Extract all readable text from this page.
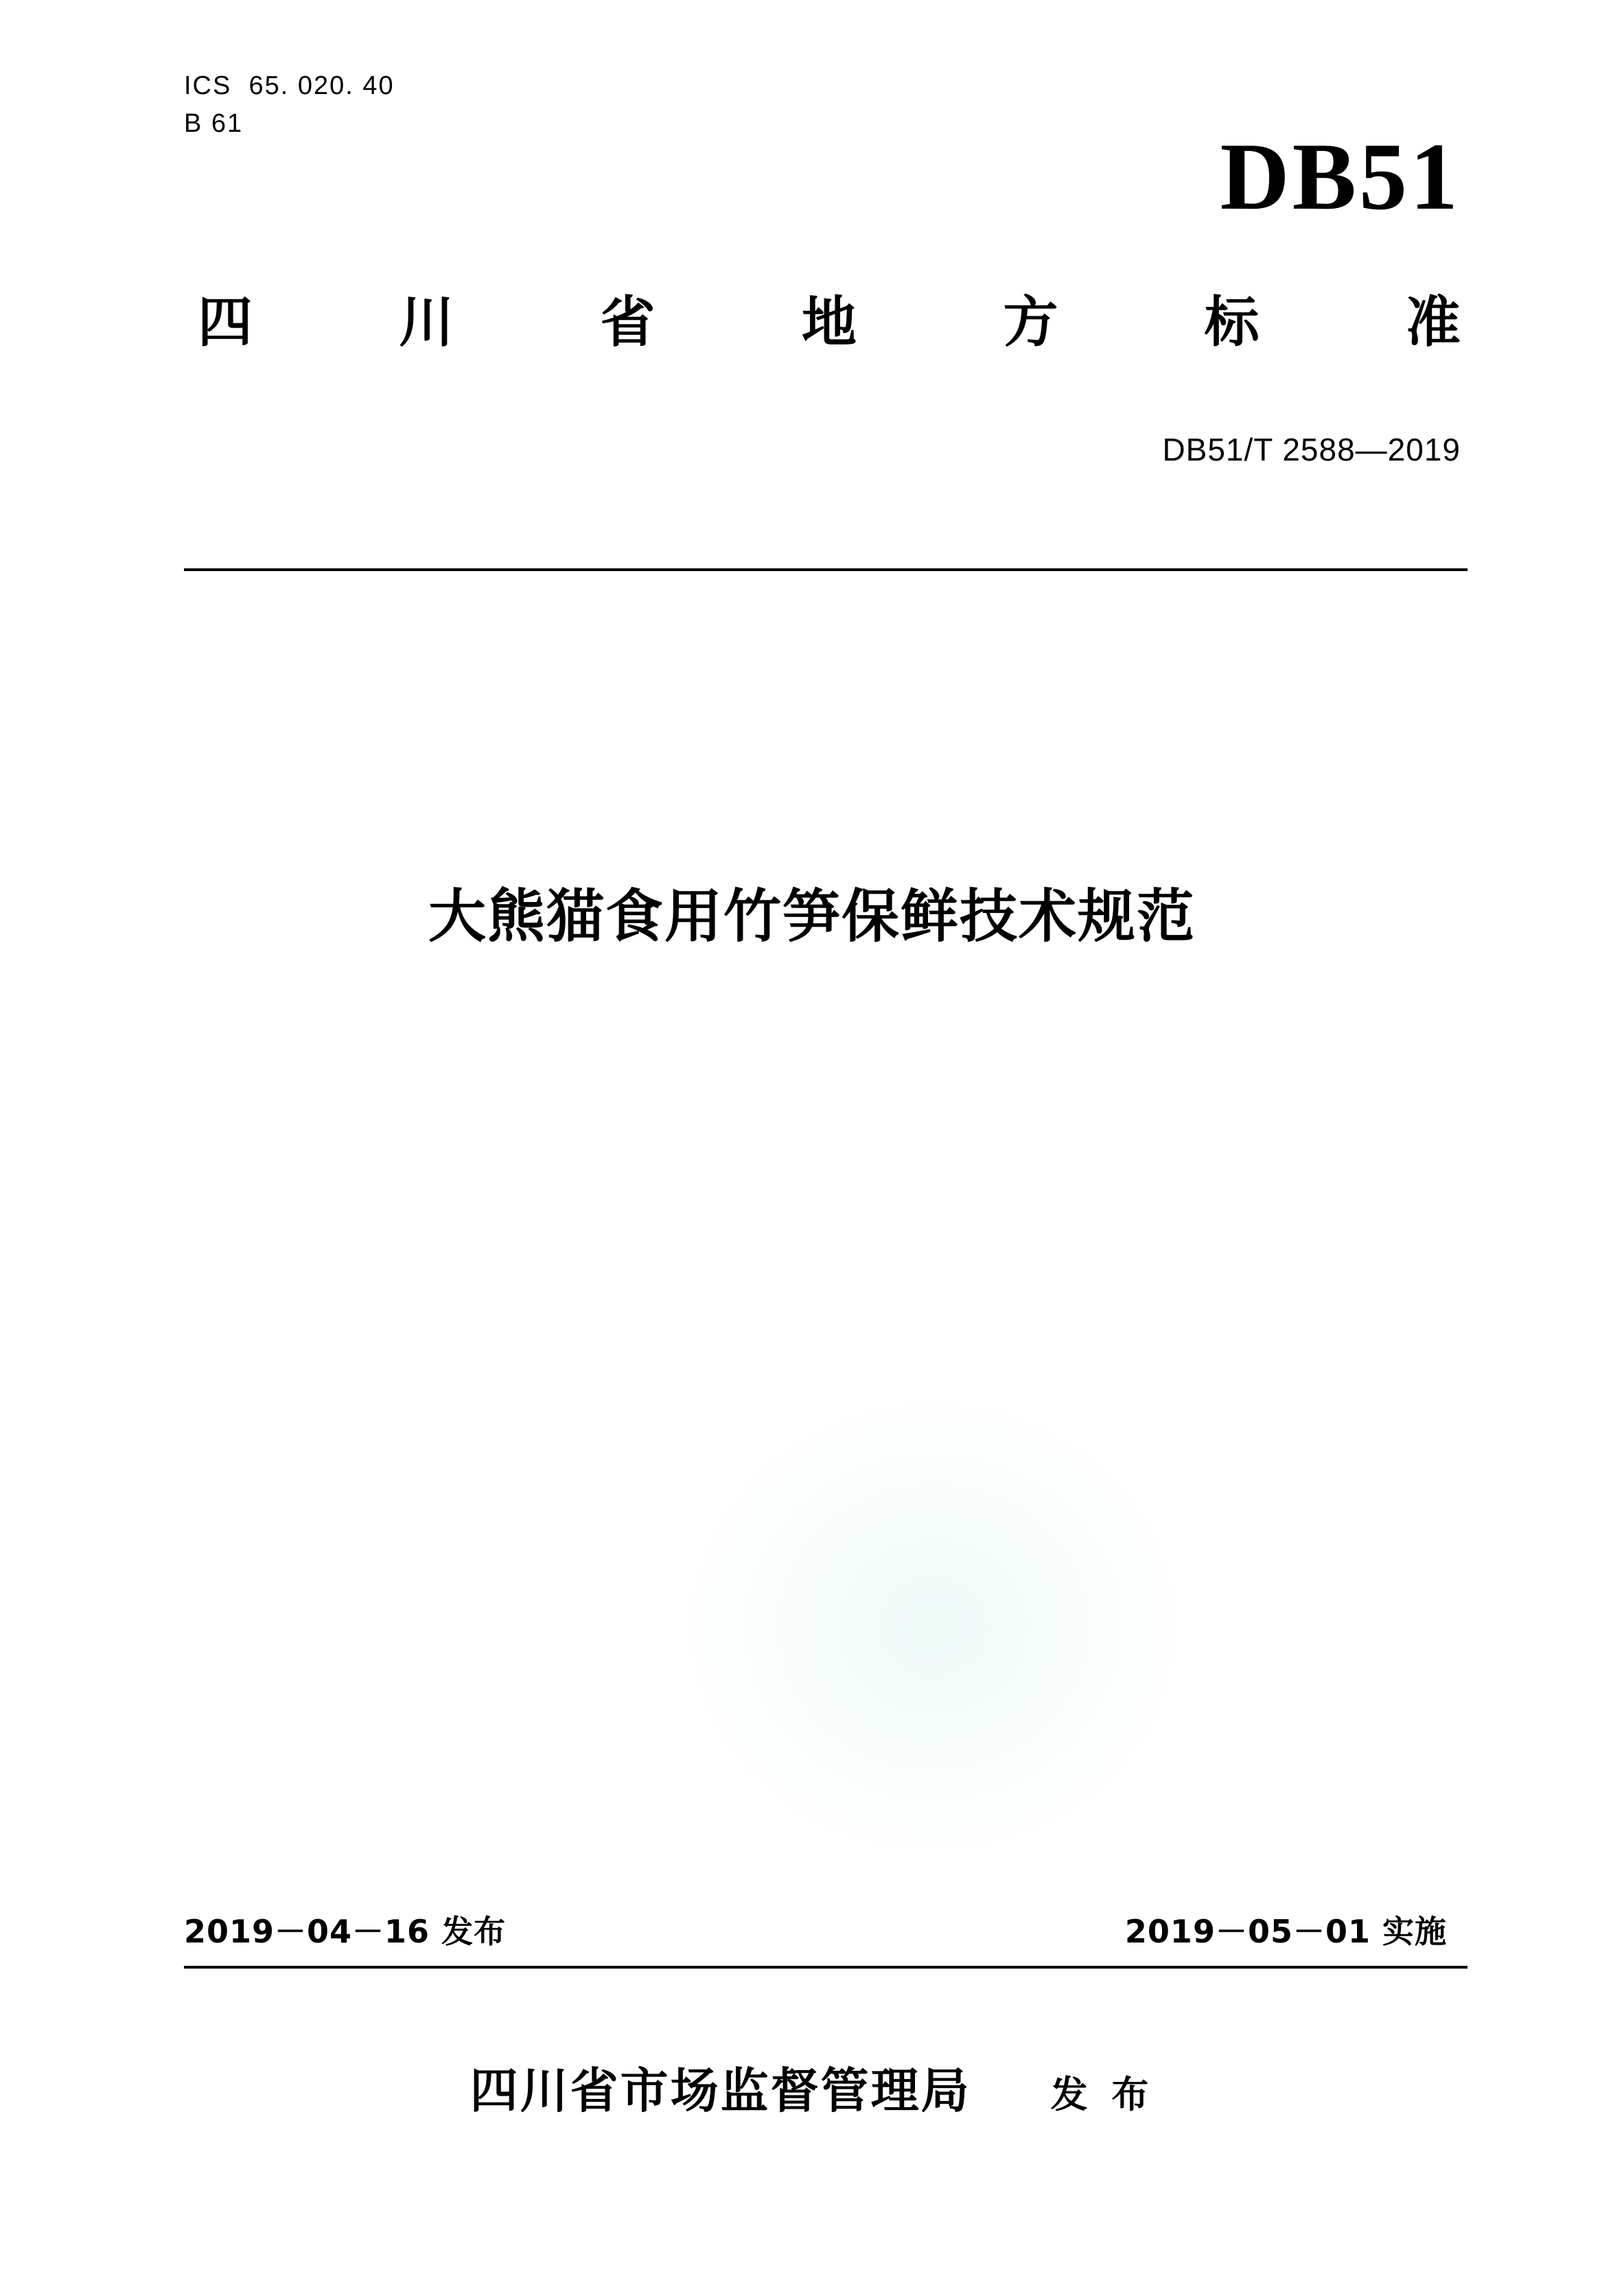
ICS  65. 020. 40
B 61	DB51
四	川	省	地	方	标	准
DB51/T 2588—2019
大熊猫食用竹笋保鲜技术规范
2019－04－16 发布	2019－05－01 实施
四川省市场监督管理局 发 布
